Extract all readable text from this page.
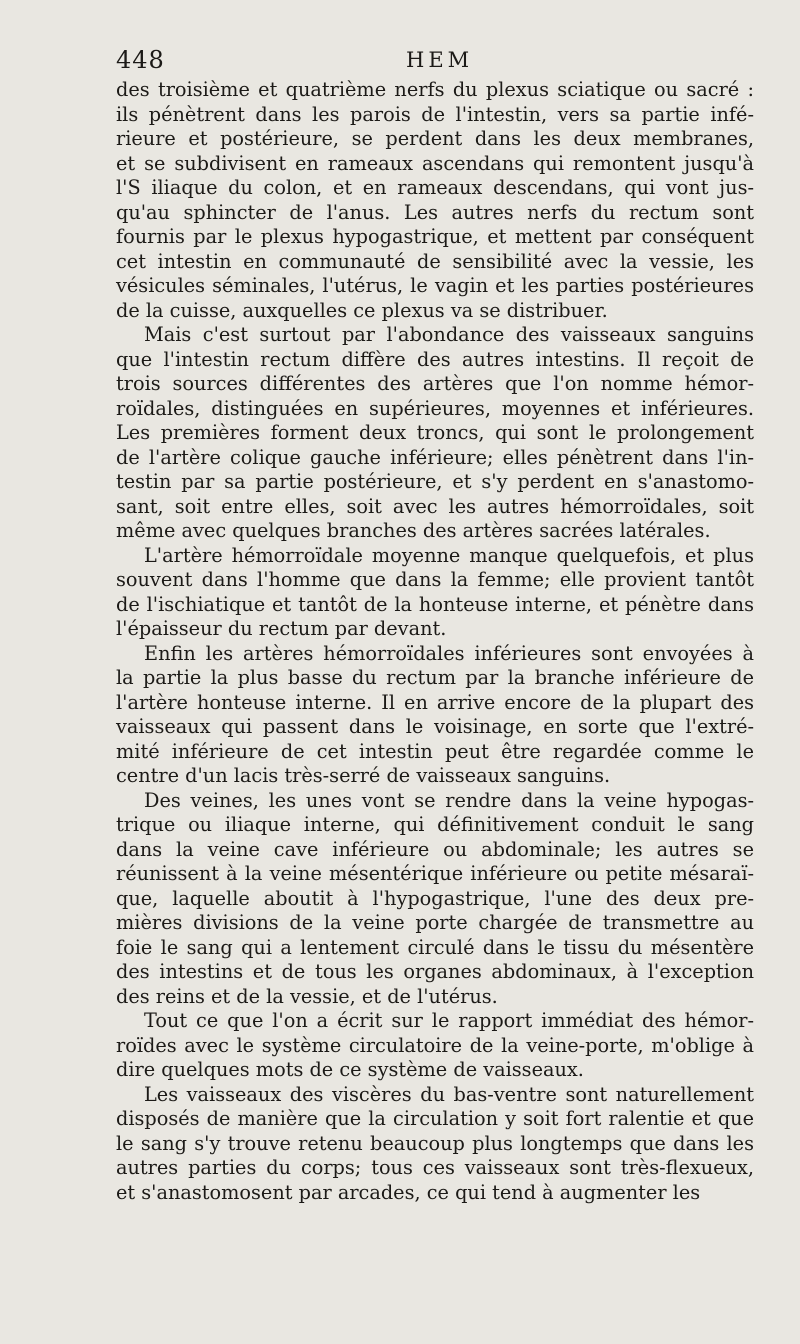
448	HEM
des troisième et quatrième nerfs du plexus sciatique ou sacré :
ils pénètrent dans les parois de l'intestin, vers sa partie infé-
rieure et postérieure, se perdent dans les deux membranes,
et se subdivisent en rameaux ascendans qui remontent jusqu'à
l'S iliaque du colon, et en rameaux descendans, qui vont jus-
qu'au sphincter de l'anus. Les autres nerfs du rectum sont
fournis par le plexus hypogastrique, et mettent par conséquent
cet intestin en communauté de sensibilité avec la vessie, les
vésicules séminales, l'utérus, le vagin et les parties postérieures
de la cuisse, auxquelles ce plexus va se distribuer.
Mais c'est surtout par l'abondance des vaisseaux sanguins
que l'intestin rectum diffère des autres intestins. Il reçoit de
trois sources différentes des artères que l'on nomme hémor-
roïdales, distinguées en supérieures, moyennes et inférieures.
Les premières forment deux troncs, qui sont le prolongement
de l'artère colique gauche inférieure; elles pénètrent dans l'in-
testin par sa partie postérieure, et s'y perdent en s'anastomo-
sant, soit entre elles, soit avec les autres hémorroïdales, soit
même avec quelques branches des artères sacrées latérales.
L'artère hémorroïdale moyenne manque quelquefois, et plus
souvent dans l'homme que dans la femme; elle provient tantôt
de l'ischiatique et tantôt de la honteuse interne, et pénètre dans
l'épaisseur du rectum par devant.
Enfin les artères hémorroïdales inférieures sont envoyées à
la partie la plus basse du rectum par la branche inférieure de
l'artère honteuse interne. Il en arrive encore de la plupart des
vaisseaux qui passent dans le voisinage, en sorte que l'extré-
mité inférieure de cet intestin peut être regardée comme le
centre d'un lacis très-serré de vaisseaux sanguins.
Des veines, les unes vont se rendre dans la veine hypogas-
trique ou iliaque interne, qui définitivement conduit le sang
dans la veine cave inférieure ou abdominale; les autres se
réunissent à la veine mésentérique inférieure ou petite mésaraï-
que, laquelle aboutit à l'hypogastrique, l'une des deux pre-
mières divisions de la veine porte chargée de transmettre au
foie le sang qui a lentement circulé dans le tissu du mésentère
des intestins et de tous les organes abdominaux, à l'exception
des reins et de la vessie, et de l'utérus.
Tout ce que l'on a écrit sur le rapport immédiat des hémor-
roïdes avec le système circulatoire de la veine-porte, m'oblige à
dire quelques mots de ce système de vaisseaux.
Les vaisseaux des viscères du bas-ventre sont naturellement
disposés de manière que la circulation y soit fort ralentie et que
le sang s'y trouve retenu beaucoup plus longtemps que dans les
autres parties du corps; tous ces vaisseaux sont très-flexueux,
et s'anastomosent par arcades, ce qui tend à augmenter les
